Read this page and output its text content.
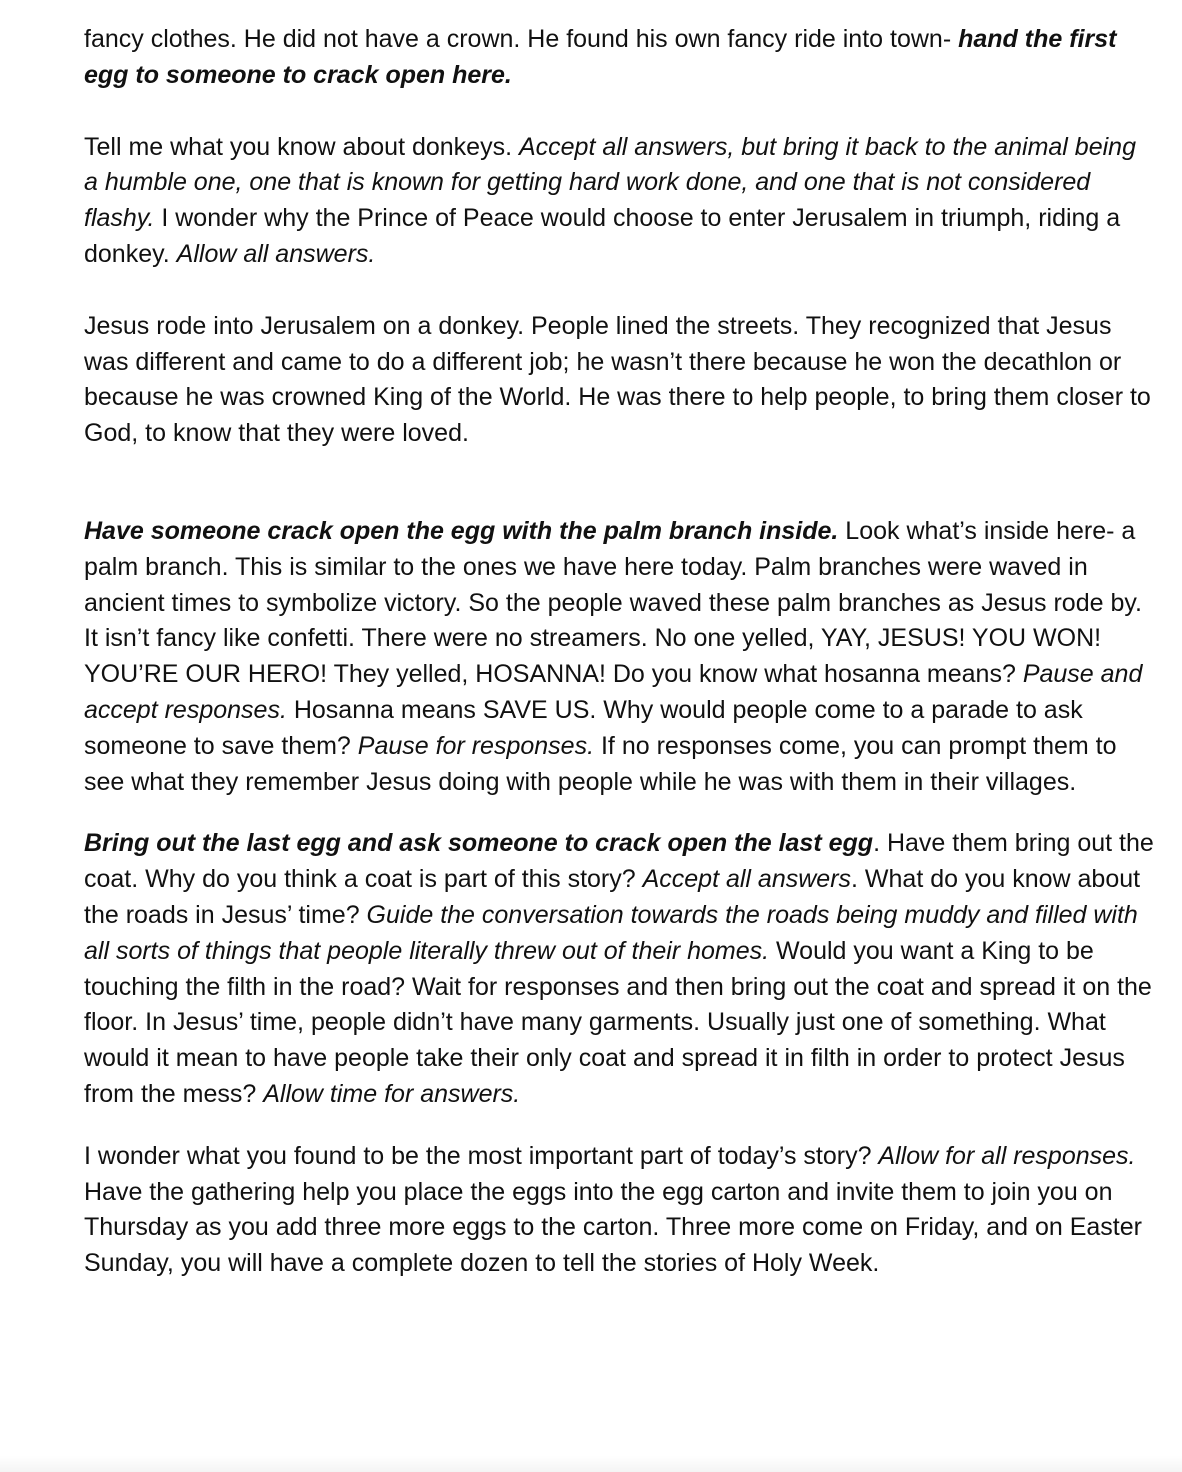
fancy clothes. He did not have a crown. He found his own fancy ride into town- hand the first egg to someone to crack open here.

Tell me what you know about donkeys. Accept all answers, but bring it back to the animal being a humble one, one that is known for getting hard work done, and one that is not considered flashy. I wonder why the Prince of Peace would choose to enter Jerusalem in triumph, riding a donkey. Allow all answers.

Jesus rode into Jerusalem on a donkey. People lined the streets. They recognized that Jesus was different and came to do a different job; he wasn’t there because he won the decathlon or because he was crowned King of the World. He was there to help people, to bring them closer to God, to know that they were loved.

Have someone crack open the egg with the palm branch inside. Look what’s inside here- a palm branch. This is similar to the ones we have here today. Palm branches were waved in ancient times to symbolize victory. So the people waved these palm branches as Jesus rode by. It isn’t fancy like confetti. There were no streamers. No one yelled, YAY, JESUS! YOU WON! YOU’RE OUR HERO! They yelled, HOSANNA! Do you know what hosanna means? Pause and accept responses. Hosanna means SAVE US. Why would people come to a parade to ask someone to save them? Pause for responses. If no responses come, you can prompt them to see what they remember Jesus doing with people while he was with them in their villages.

Bring out the last egg and ask someone to crack open the last egg. Have them bring out the coat. Why do you think a coat is part of this story? Accept all answers. What do you know about the roads in Jesus’ time? Guide the conversation towards the roads being muddy and filled with all sorts of things that people literally threw out of their homes. Would you want a King to be touching the filth in the road? Wait for responses and then bring out the coat and spread it on the floor. In Jesus’ time, people didn’t have many garments. Usually just one of something. What would it mean to have people take their only coat and spread it in filth in order to protect Jesus from the mess? Allow time for answers.

I wonder what you found to be the most important part of today’s story? Allow for all responses. Have the gathering help you place the eggs into the egg carton and invite them to join you on Thursday as you add three more eggs to the carton. Three more come on Friday, and on Easter Sunday, you will have a complete dozen to tell the stories of Holy Week.
